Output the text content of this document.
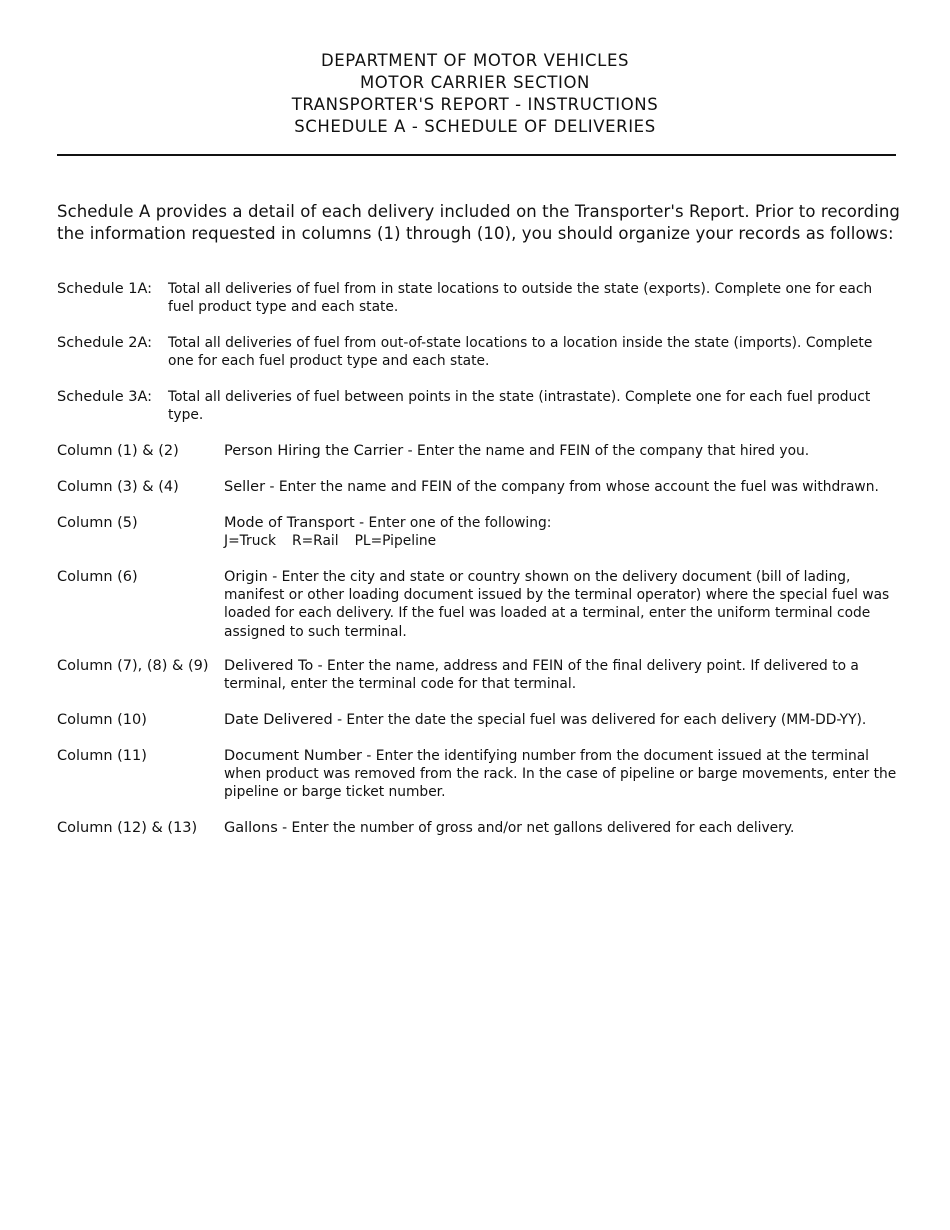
DEPARTMENT OF MOTOR VEHICLES
MOTOR CARRIER SECTION
TRANSPORTER'S REPORT - INSTRUCTIONS
SCHEDULE A - SCHEDULE OF DELIVERIES
Schedule A provides a detail of each delivery included on the Transporter's Report. Prior to recording
the information requested in columns (1) through (10), you should organize your records as follows:
Schedule 1A: Total all deliveries of fuel from in state locations to outside the state (exports). Complete one for each fuel product type and each state.
Schedule 2A: Total all deliveries of fuel from out-of-state locations to a location inside the state (imports). Complete one for each fuel product type and each state.
Schedule 3A: Total all deliveries of fuel between points in the state (intrastate). Complete one for each fuel product type.
Column (1) & (2)	Person Hiring the Carrier - Enter the name and FEIN of the company that hired you.
Column (3) & (4)	Seller - Enter the name and FEIN of the company from whose account the fuel was withdrawn.
Column (5)	Mode of Transport - Enter one of the following:
J=Truck R=Rail PL=Pipeline
Column (6)	Origin - Enter the city and state or country shown on the delivery document (bill of lading, manifest or other loading document issued by the terminal operator) where the special fuel was loaded for each delivery. If the fuel was loaded at a terminal, enter the uniform terminal code assigned to such terminal.
Column (7), (8) & (9) Delivered To - Enter the name, address and FEIN of the final delivery point. If delivered to a terminal, enter the terminal code for that terminal.
Column (10)	Date Delivered - Enter the date the special fuel was delivered for each delivery (MM-DD-YY).
Column (11)	Document Number - Enter the identifying number from the document issued at the terminal when product was removed from the rack. In the case of pipeline or barge movements, enter the pipeline or barge ticket number.
Column (12) & (13) Gallons - Enter the number of gross and/or net gallons delivered for each delivery.
